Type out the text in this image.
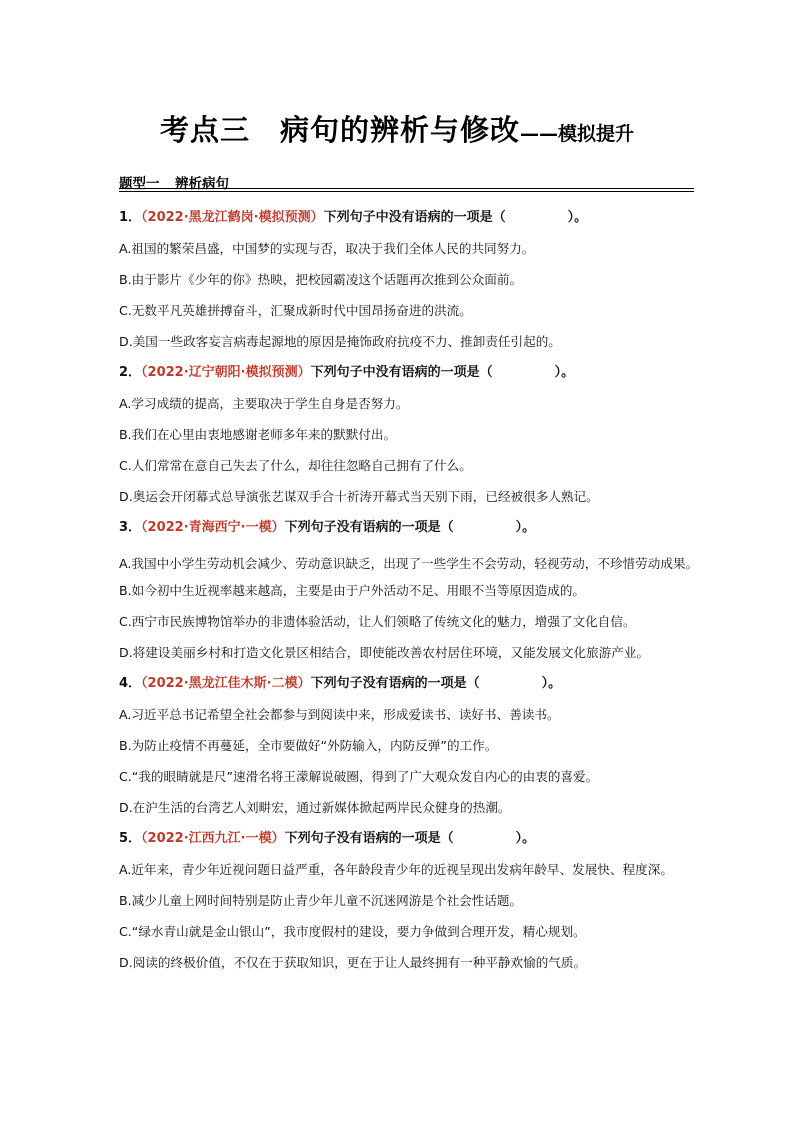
考点三　病句的辨析与修改——模拟提升
题型一 辨析病句
1．（2022·黑龙江鹤岗·模拟预测）下列句子中没有语病的一项是（	）。
A.祖国的繁荣昌盛，中国梦的实现与否，取决于我们全体人民的共同努力。
B.由于影片《少年的你》热映，把校园霸凌这个话题再次推到公众面前。
C.无数平凡英雄拼搏奋斗，汇聚成新时代中国昂扬奋进的洪流。
D.美国一些政客妄言病毒起源地的原因是掩饰政府抗疫不力、推卸责任引起的。
2．（2022·辽宁朝阳·模拟预测）下列句子中没有语病的一项是（	）。
A.学习成绩的提高，主要取决于学生自身是否努力。
B.我们在心里由衷地感谢老师多年来的默默付出。
C.人们常常在意自己失去了什么，却往往忽略自己拥有了什么。
D.奥运会开闭幕式总导演张艺谋双手合十祈涛开幕式当天别下雨，已经被很多人熟记。
3．（2022·青海西宁·一模）下列句子没有语病的一项是（	）。
A.我国中小学生劳动机会减少、劳动意识缺乏，出现了一些学生不会劳动，轻视劳动，不珍惜劳动成果。
B.如今初中生近视率越来越高，主要是由于户外活动不足、用眼不当等原因造成的。
C.西宁市民族博物馆举办的非遗体验活动，让人们领略了传统文化的魅力，增强了文化自信。
D.将建设美丽乡村和打造文化景区相结合，即使能改善农村居住环境，又能发展文化旅游产业。
4．（2022·黑龙江佳木斯·二模）下列句子没有语病的一项是（	）。
A.习近平总书记希望全社会都参与到阅读中来，形成爱读书、读好书、善读书。
B.为防止疫情不再蔓延，全市要做好“外防输入，内防反弹”的工作。
C.“我的眼睛就是尺”速滑名将王濛解说破圈，得到了广大观众发自内心的由衷的喜爱。
D.在沪生活的台湾艺人刘畊宏，通过新媒体掀起两岸民众健身的热潮。
5．（2022·江西九江·一模）下列句子没有语病的一项是（	）。
A.近年来，青少年近视问题日益严重，各年龄段青少年的近视呈现出发病年龄早、发展快、程度深。
B.减少儿童上网时间特别是防止青少年儿童不沉迷网游是个社会性话题。
C.“绿水青山就是金山银山”，我市度假村的建设，要力争做到合理开发，精心规划。
D.阅读的终极价值，不仅在于获取知识，更在于让人最终拥有一种平静欢愉的气质。
